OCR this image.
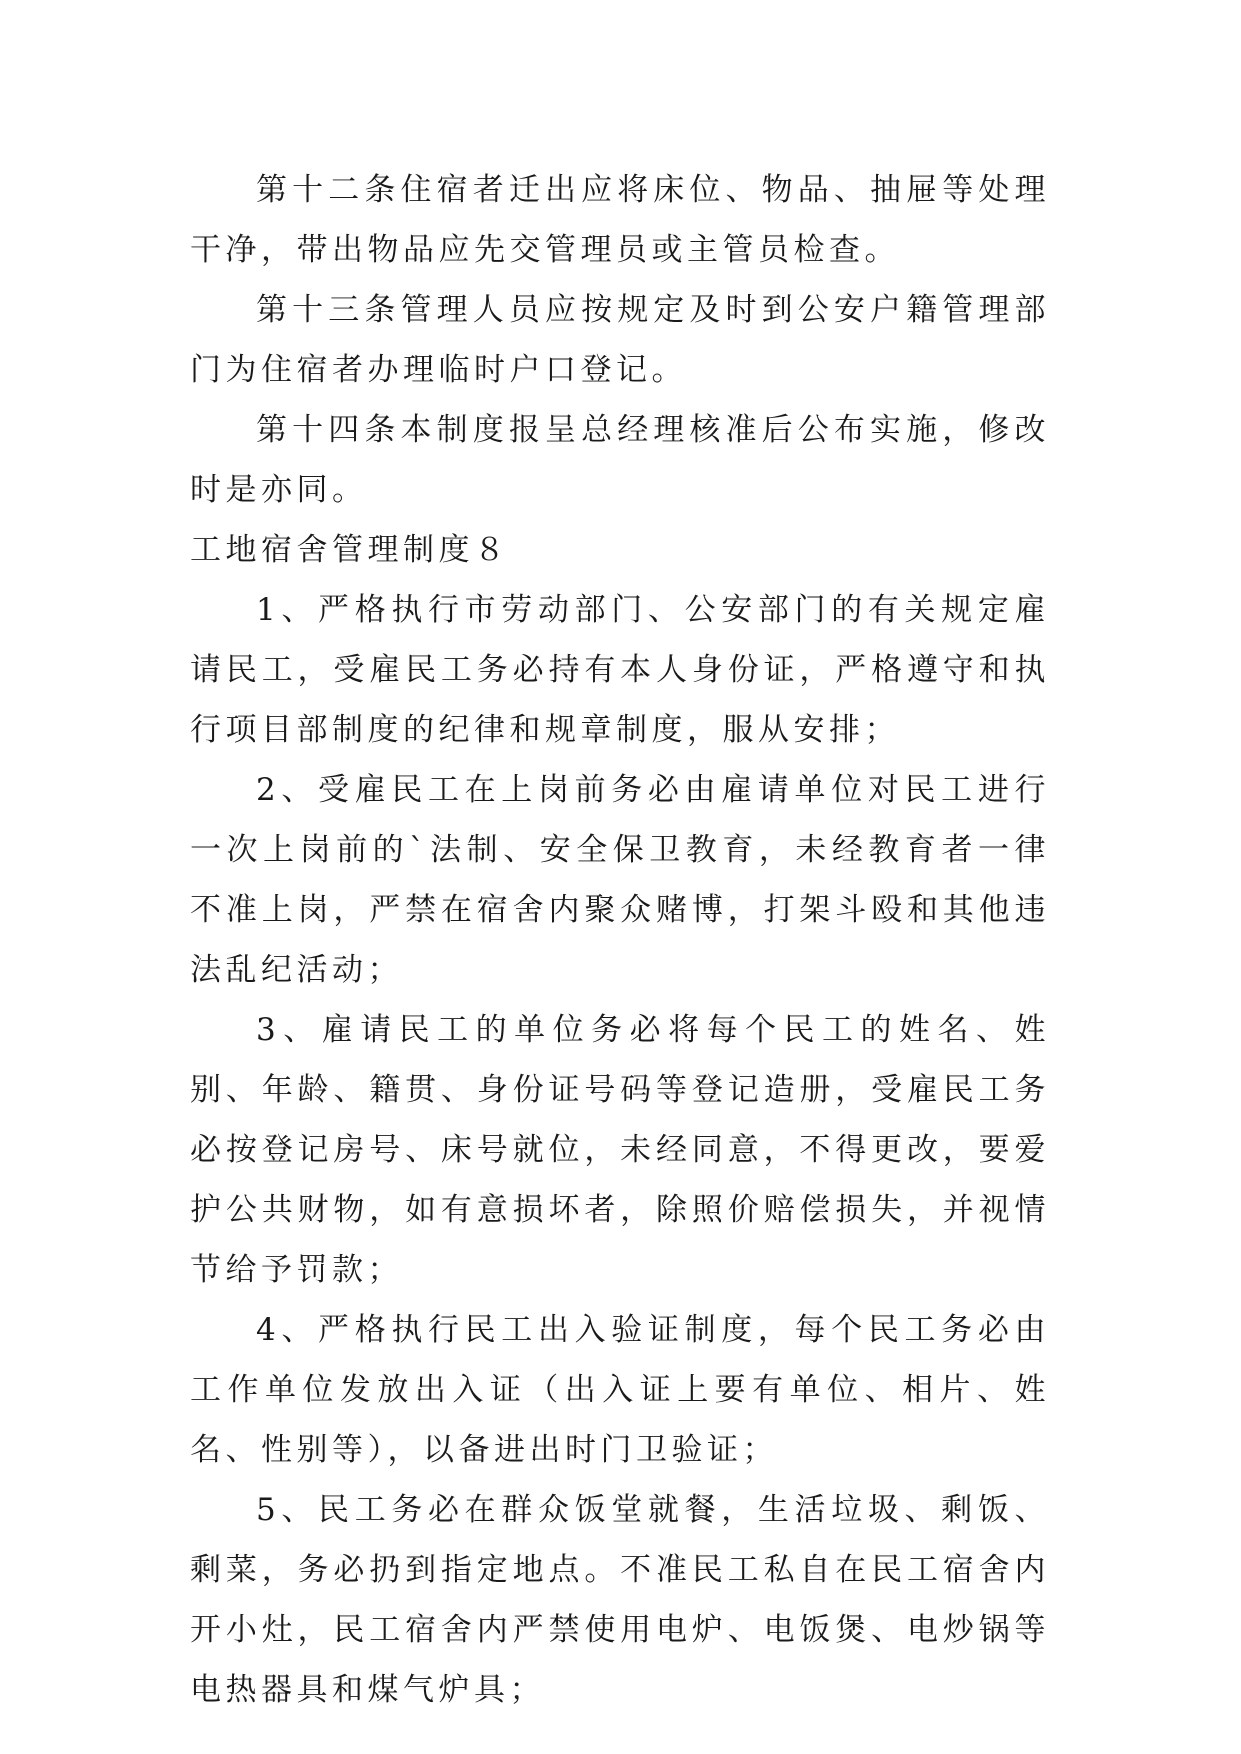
第十二条住宿者迁出应将床位、物品、抽屉等处理干净，带出物品应先交管理员或主管员检查。

第十三条管理人员应按规定及时到公安户籍管理部门为住宿者办理临时户口登记。

第十四条本制度报呈总经理核准后公布实施，修改时是亦同。

工地宿舍管理制度８

1、严格执行市劳动部门、公安部门的有关规定雇请民工，受雇民工务必持有本人身份证，严格遵守和执行项目部制度的纪律和规章制度，服从安排；

2、受雇民工在上岗前务必由雇请单位对民工进行一次上岗前的`法制、安全保卫教育，未经教育者一律不准上岗，严禁在宿舍内聚众赌博，打架斗殴和其他违法乱纪活动；

3、雇请民工的单位务必将每个民工的姓名、姓别、年龄、籍贯、身份证号码等登记造册，受雇民工务必按登记房号、床号就位，未经同意，不得更改，要爱护公共财物，如有意损坏者，除照价赔偿损失，并视情节给予罚款；

4、严格执行民工出入验证制度，每个民工务必由工作单位发放出入证（出入证上要有单位、相片、姓名、性别等），以备进出时门卫验证；

5、民工务必在群众饭堂就餐，生活垃圾、剩饭、剩菜，务必扔到指定地点。不准民工私自在民工宿舍内开小灶，民工宿舍内严禁使用电炉、电饭煲、电炒锅等电热器具和煤气炉具；
